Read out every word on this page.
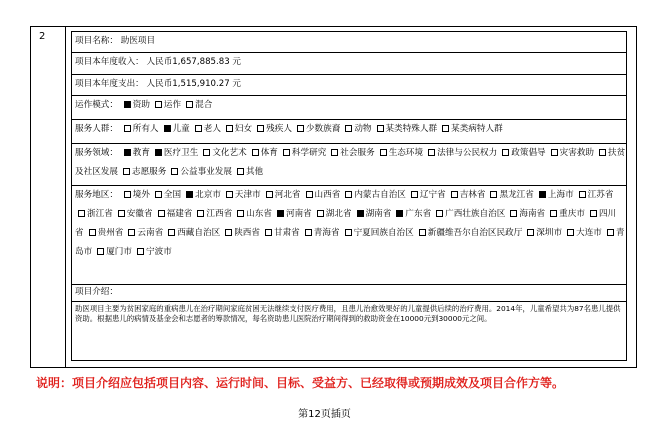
2	项目名称： 助医项目
项目本年度收入： 人民币1,657,885.83 元
项目本年度支出： 人民币1,515,910.27 元
运作模式： 资助 运作 混合
服务人群： 所有人 儿童 老人 妇女 残疾人 少数族裔 动物 某类特殊人群 某类病特人群
服务领域： 教育 医疗卫生 文化艺术 体育 科学研究 社会服务 生态环境 法律与公民权力 政策倡导 灾害救助 扶贫及社区发展 志愿服务 公益事业发展 其他
服务地区： 境外 全国 北京市 天津市 河北省 山西省 内蒙古自治区 辽宁省 吉林省 黑龙江省 上海市 江苏省浙江省 安徽省 福建省 江西省 山东省 河南省 湖北省 湖南省 广东省 广西壮族自治区 海南省 重庆市 四川省 贵州省 云南省 西藏自治区 陕西省 甘肃省 青海省 宁夏回族自治区 新疆维吾尔自治区民政厅 深圳市 大连市 青岛市 厦门市 宁波市
项目介绍：
助医项目主要为贫困家庭的重病患儿在治疗期间家庭贫困无法继续支付医疗费用，且患儿治愈效果好的儿童提供后续的治疗费用。2014年，儿童希望共为87名患儿提供资助。根据患儿的病情及基金会和志愿者的筹款情况，每名资助患儿医院治疗期间得到的救助资金在10000元到30000元之间。
说明：项目介绍应包括项目内容、运行时间、目标、受益方、已经取得或预期成效及项目合作方等。
第12页插页
